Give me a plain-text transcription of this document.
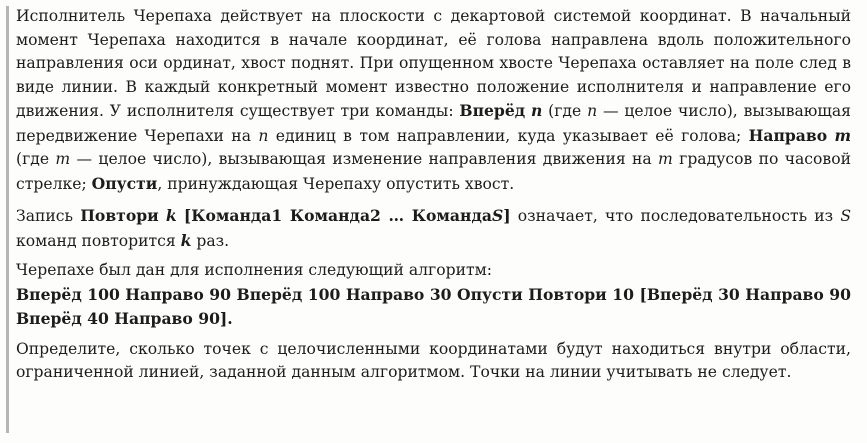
Исполнитель Черепаха действует на плоскости с декартовой системой координат. В начальный момент Черепаха находится в начале координат, её голова направлена вдоль положительного направления оси ординат, хвост поднят. При опущенном хвосте Черепаха оставляет на поле след в виде линии. В каждый конкретный момент известно положение исполнителя и направление его движения. У исполнителя существует три команды: Вперёд n (где n — целое число), вызывающая передвижение Черепахи на n единиц в том направлении, куда указывает её голова; Направо m (где m — целое число), вызывающая изменение направления движения на m градусов по часовой стрелке; Опусти, принуждающая Черепаху опустить хвост.

Запись Повтори k [Команда1 Команда2 … КомандаS] означает, что последовательность из S команд повторится k раз.

Черепахе был дан для исполнения следующий алгоритм:

Вперёд 100 Направо 90 Вперёд 100 Направо 30 Опусти Повтори 10 [Вперёд 30 Направо 90 Вперёд 40 Направо 90].

Определите, сколько точек с целочисленными координатами будут находиться внутри области, ограниченной линией, заданной данным алгоритмом. Точки на линии учитывать не следует.
